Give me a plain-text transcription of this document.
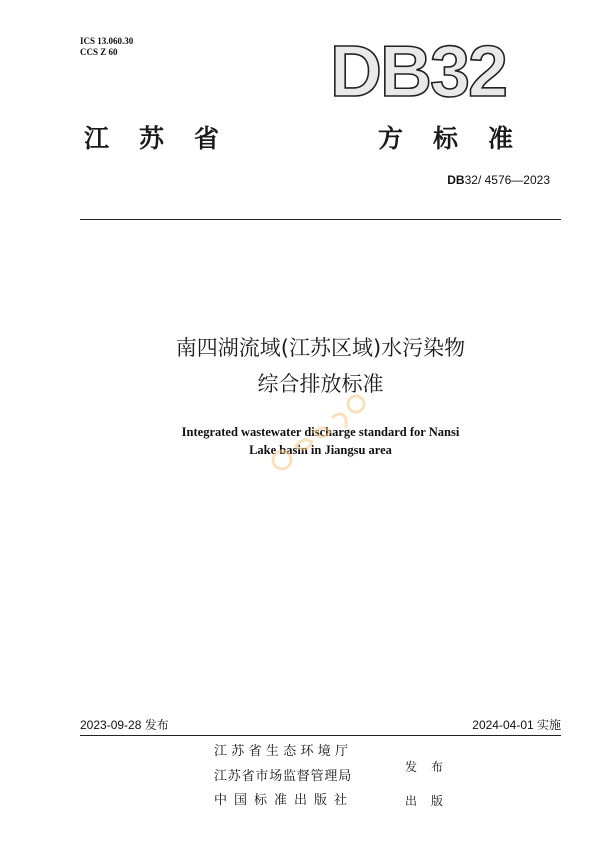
ICS 13.060.30
CCS Z 60	DB32
江苏省	方标准
DB32/ 4576—2023
南四湖流域(江苏区域)水污染物
综合排放标准
Integrated wastewater discharge standard for Nansi
Lake basin in Jiangsu area
2023-09-28 发布	2024-04-01 实施
江苏省生态环境厅
江苏省市场监督管理局
中国标准出版社
发布
出版
